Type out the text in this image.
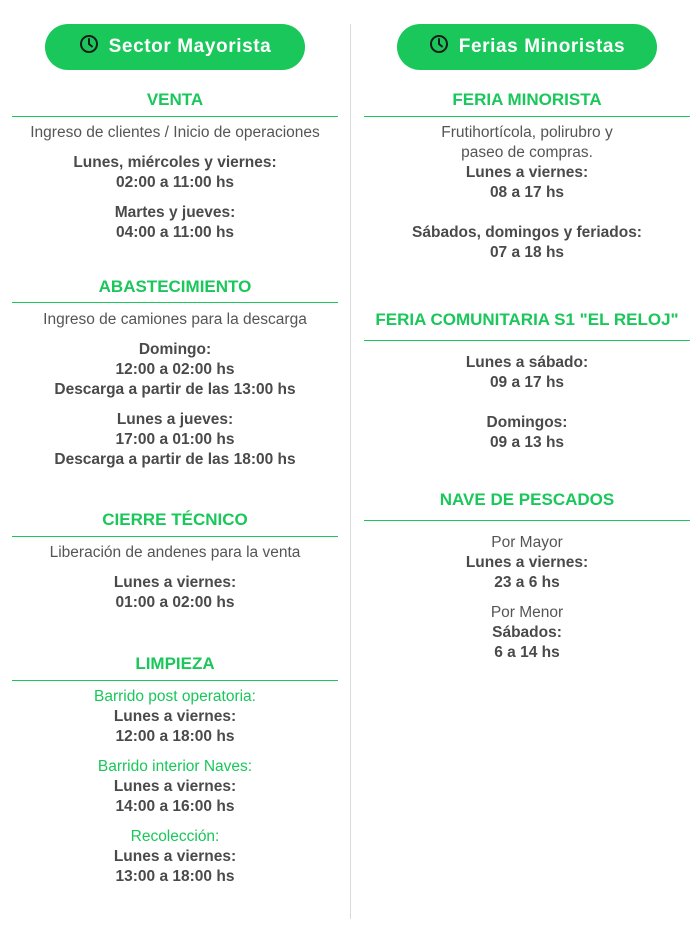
Sector Mayorista
VENTA
Ingreso de clientes / Inicio de operaciones
Lunes, miércoles y viernes:
02:00 a 11:00 hs
Martes y jueves:
04:00 a 11:00 hs
ABASTECIMIENTO
Ingreso de camiones para la descarga
Domingo:
12:00 a 02:00 hs
Descarga a partir de las 13:00 hs
Lunes a jueves:
17:00 a 01:00 hs
Descarga a partir de las 18:00 hs
CIERRE TÉCNICO
Liberación de andenes para la venta
Lunes a viernes:
01:00 a 02:00 hs
LIMPIEZA
Barrido post operatoria:
Lunes a viernes:
12:00 a 18:00 hs
Barrido interior Naves:
Lunes a viernes:
14:00 a 16:00 hs
Recolección:
Lunes a viernes:
13:00 a 18:00 hs
Ferias Minoristas
FERIA MINORISTA
Frutihortícola, polirubro y
paseo de compras.
Lunes a viernes:
08 a 17 hs
Sábados, domingos y feriados:
07 a 18 hs
FERIA COMUNITARIA S1 "EL RELOJ"
Lunes a sábado:
09 a 17 hs
Domingos:
09 a 13 hs
NAVE DE PESCADOS
Por Mayor
Lunes a viernes:
23 a 6 hs
Por Menor
Sábados:
6 a 14 hs
